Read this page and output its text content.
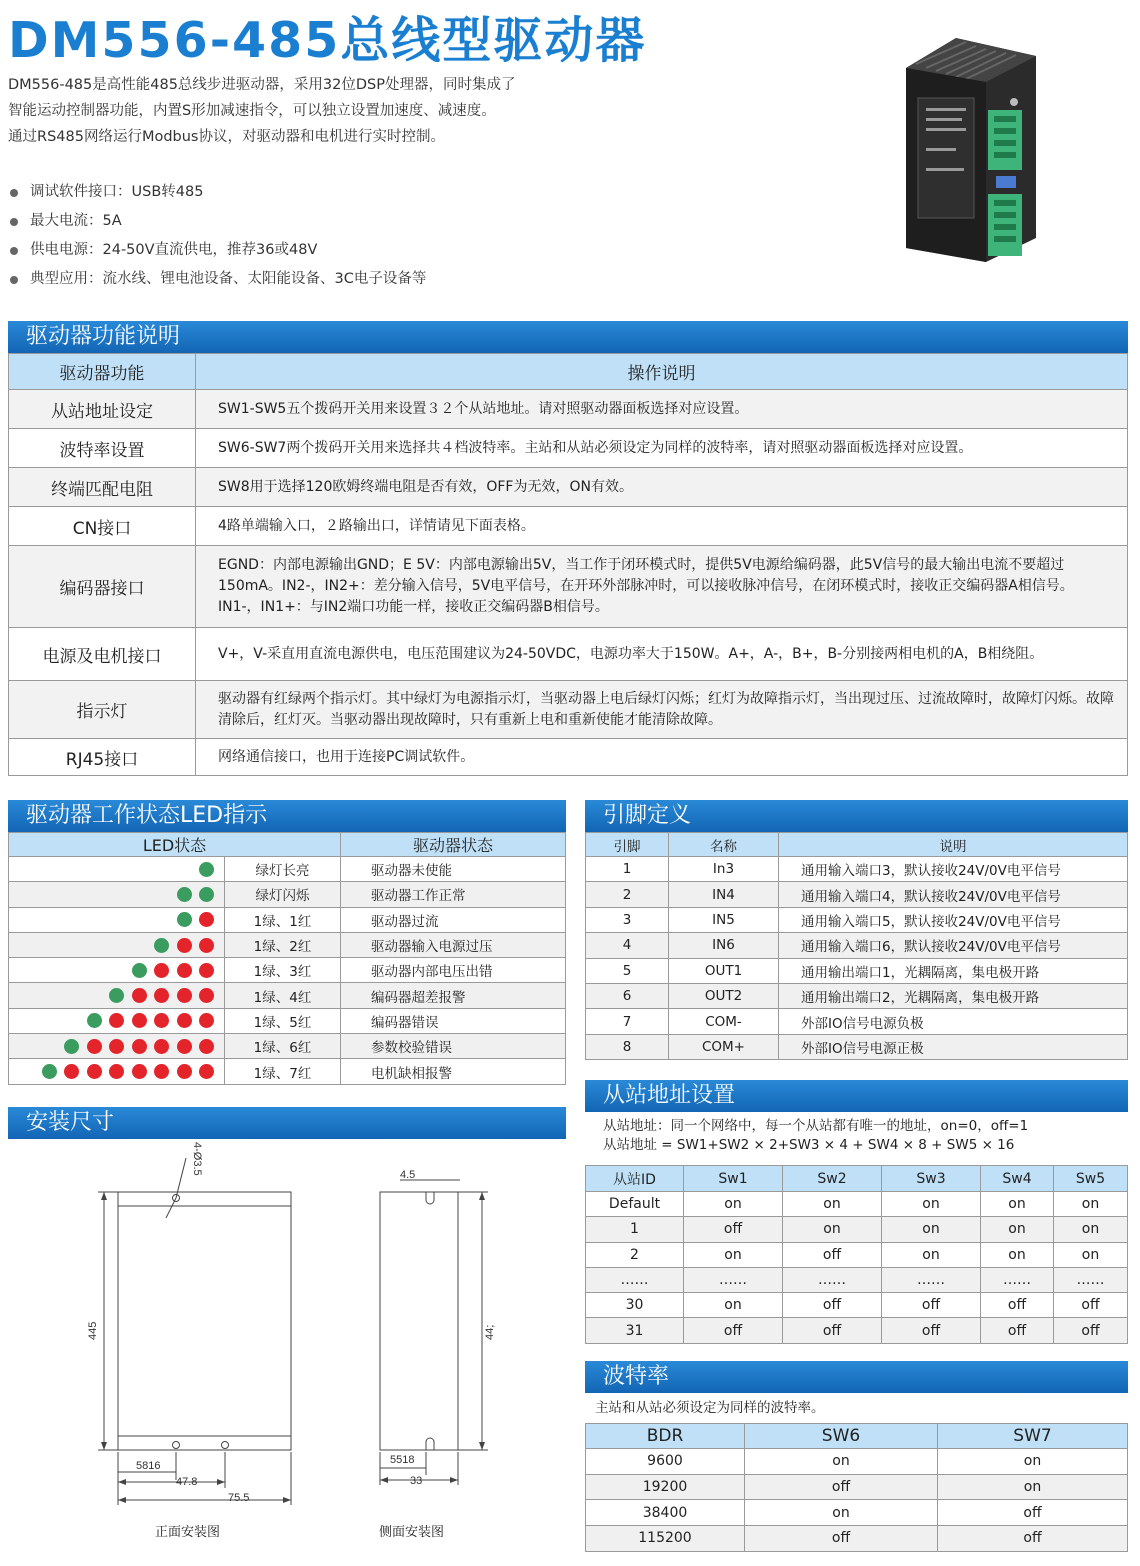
DM556-485总线型驱动器
DM556-485是高性能485总线步进驱动器，采用32位DSP处理器，同时集成了
智能运动控制器功能，内置S形加减速指令，可以独立设置加速度、减速度。
通过RS485网络运行Modbus协议，对驱动器和电机进行实时控制。
调试软件接口：USB转485
最大电流：5A
供电电源：24-50V直流供电，推荐36或48V
典型应用：流水线、锂电池设备、太阳能设备、3C电子设备等
驱动器功能说明
驱动器功能	操作说明
从站地址设定	SW1-SW5五个拨码开关用来设置３２个从站地址。请对照驱动器面板选择对应设置。
波特率设置	SW6-SW7两个拨码开关用来选择共４档波特率。主站和从站必须设定为同样的波特率，请对照驱动器面板选择对应设置。
终端匹配电阻	SW8用于选择120欧姆终端电阻是否有效，OFF为无效，ON有效。
CN接口	4路单端输入口，２路输出口，详情请见下面表格。
编码器接口	EGND：内部电源输出GND；E 5V：内部电源输出5V，当工作于闭环模式时，提供5V电源给编码器，此5V信号的最大输出电流不要超过150mA。IN2-，IN2+：差分输入信号，5V电平信号，在开环外部脉冲时，可以接收脉冲信号，在闭环模式时，接收正交编码器A相信号。IN1-，IN1+：与IN2端口功能一样，接收正交编码器B相信号。
电源及电机接口	V+，V-采直用直流电源供电，电压范围建议为24-50VDC，电源功率大于150W。A+，A-，B+，B-分别接两相电机的A，B相绕阻。
指示灯	驱动器有红绿两个指示灯。其中绿灯为电源指示灯，当驱动器上电后绿灯闪烁；红灯为故障指示灯，当出现过压、过流故障时，故障灯闪烁。故障清除后，红灯灭。当驱动器出现故障时，只有重新上电和重新使能才能清除故障。
RJ45接口	网络通信接口，也用于连接PC调试软件。
驱动器工作状态LED指示
LED状态		驱动器状态
	绿灯长亮	驱动器未使能
	绿灯闪烁	驱动器工作正常
	1绿、1红	驱动器过流
	1绿、2红	驱动器输入电源过压
	1绿、3红	驱动器内部电压出错
	1绿、4红	编码器超差报警
	1绿、5红	编码器错误
	1绿、6红	参数校验错误
	1绿、7红	电机缺相报警
引脚定义
引脚	名称	说明
1	In3	通用输入端口3，默认接收24V/0V电平信号
2	IN4	通用输入端口4，默认接收24V/0V电平信号
3	IN5	通用输入端口5，默认接收24V/0V电平信号
4	IN6	通用输入端口6，默认接收24V/0V电平信号
5	OUT1	通用输出端口1，光耦隔离，集电极开路
6	OUT2	通用输出端口2，光耦隔离，集电极开路
7	COM-	外部IO信号电源负极
8	COM+	外部IO信号电源正极
从站地址设置
从站地址：同一个网络中，每一个从站都有唯一的地址，on=0，off=1
从站地址 = SW1+SW2 × 2+SW3 × 4 + SW4 × 8 + SW5 × 16
从站ID	Sw1	Sw2	Sw3	Sw4	Sw5
Default	on	on	on	on	on
1	off	on	on	on	on
2	on	off	on	on	on
……	……	……	……	……	……
30	on	off	off	off	off
31	off	off	off	off	off
波特率
主站和从站必须设定为同样的波特率。
BDR	SW6	SW7
9600	on	on
19200	off	on
38400	on	off
115200	off	off
安装尺寸
4-Ø3.5
445
5816
47.8
75.5
4.5
44;
5518
33
正面安装图	侧面安装图
